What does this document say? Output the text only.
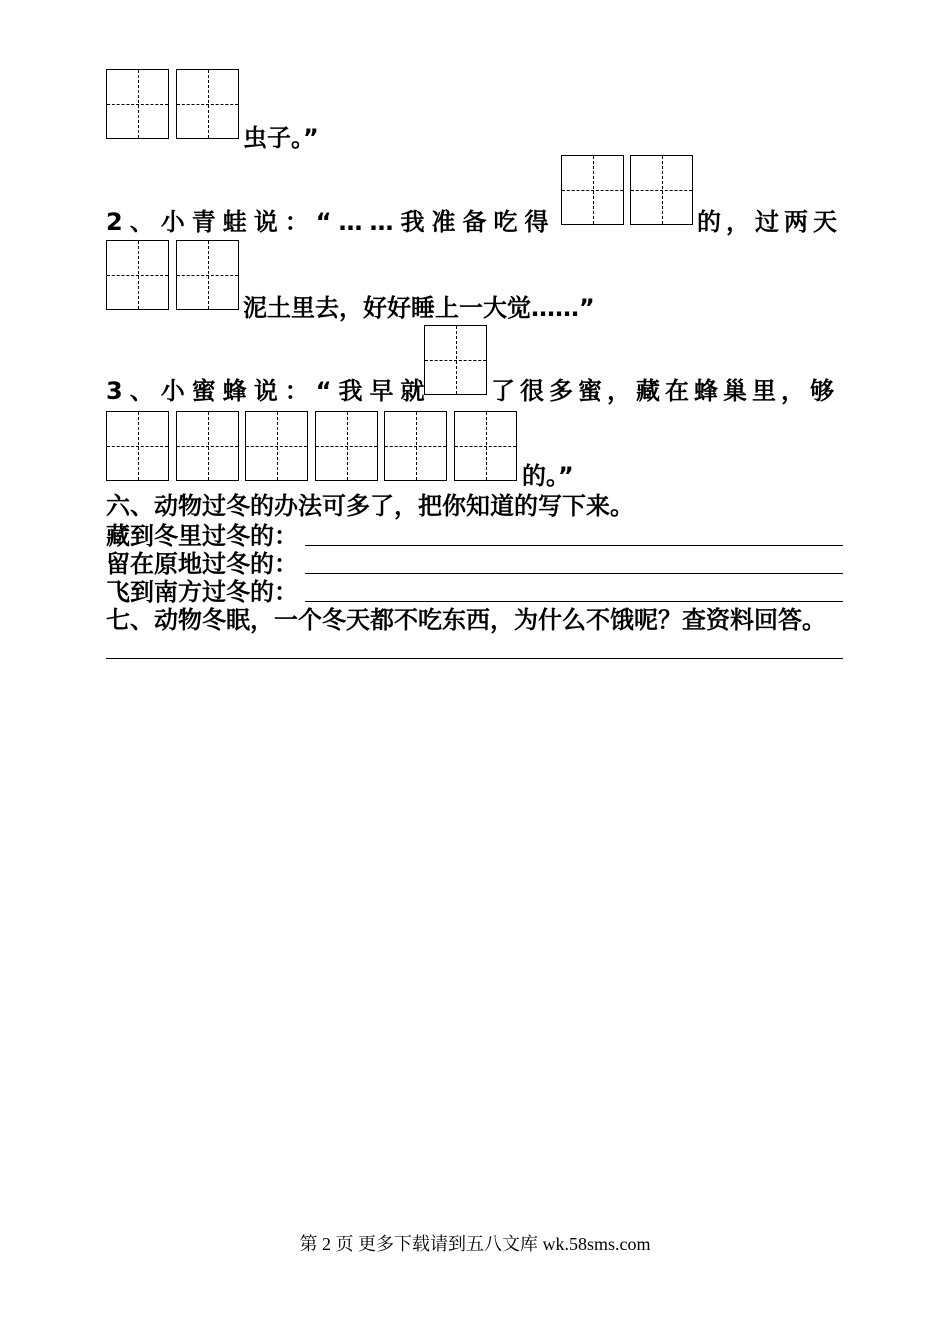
虫子。”
2、小青蛙说：“……我准备吃得	的，过两天
泥土里去，好好睡上一大觉……”
3、小蜜蜂说：“我早就 了很多蜜，藏在蜂巢里，够
的。”
六、动物过冬的办法可多了，把你知道的写下来。
藏到冬里过冬的：
留在原地过冬的：
飞到南方过冬的：
七、动物冬眠，一个冬天都不吃东西，为什么不饿呢？查资料回答。
第 2 页 更多下载请到五八文库 wk.58sms.com
